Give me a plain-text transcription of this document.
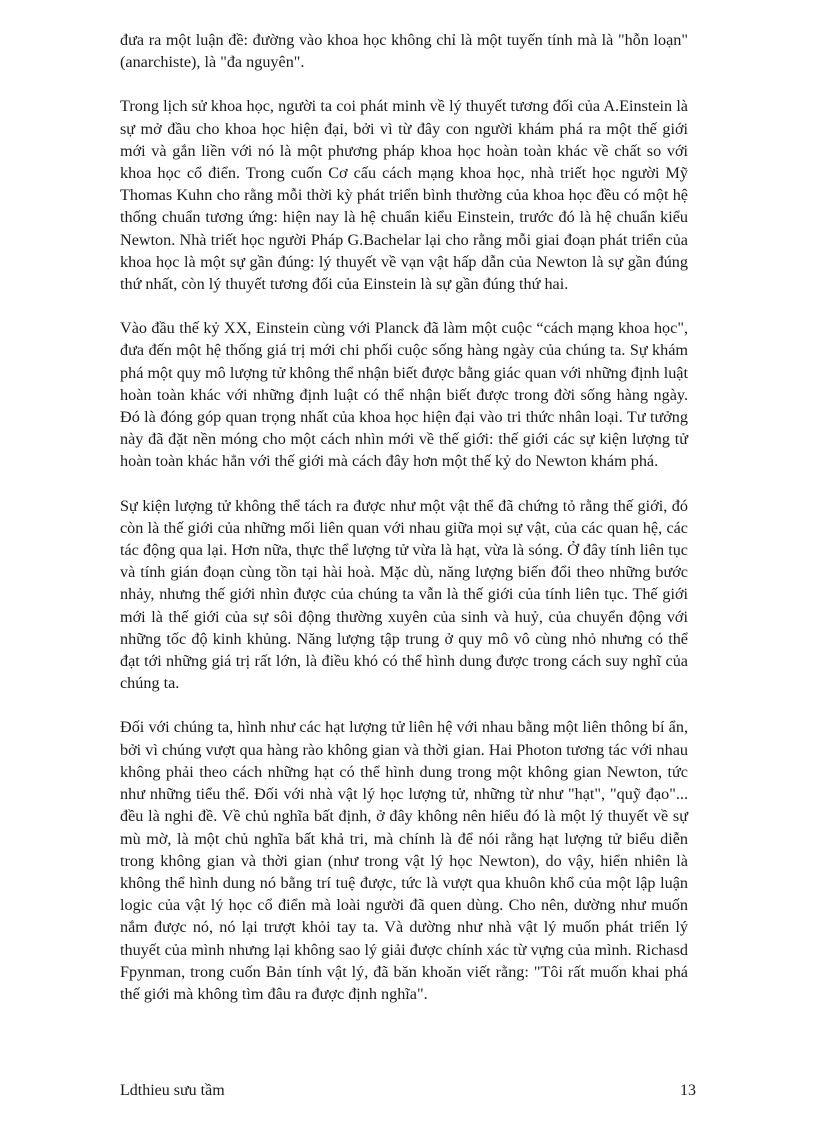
đưa ra một luận đề: đường vào khoa học không chỉ là một tuyến tính mà là "hỗn loạn" (anarchiste), là "đa nguyên".

Trong lịch sử khoa học, người ta coi phát minh về lý thuyết tương đối của A.Einstein là sự mở đầu cho khoa học hiện đại, bởi vì từ đây con người khám phá ra một thế giới mới và gắn liền với nó là một phương pháp khoa học hoàn toàn khác về chất so với khoa học cổ điển. Trong cuốn Cơ cấu cách mạng khoa học, nhà triết học người Mỹ Thomas Kuhn cho rằng mỗi thời kỳ phát triển bình thường của khoa học đều có một hệ thống chuẩn tương ứng: hiện nay là hệ chuẩn kiểu Einstein, trước đó là hệ chuẩn kiểu Newton. Nhà triết học người Pháp G.Bachelar lại cho rằng mỗi giai đoạn phát triển của khoa học là một sự gần đúng: lý thuyết về vạn vật hấp dẫn của Newton là sự gần đúng thứ nhất, còn lý thuyết tương đối của Einstein là sự gần đúng thứ hai.

Vào đầu thế kỷ XX, Einstein cùng với Planck đã làm một cuộc “cách mạng khoa học", đưa đến một hệ thống giá trị mới chi phối cuộc sống hàng ngày của chúng ta. Sự khám phá một quy mô lượng tử không thể nhận biết được bằng giác quan với những định luật hoàn toàn khác với những định luật có thể nhận biết được trong đời sống hàng ngày. Đó là đóng góp quan trọng nhất của khoa học hiện đại vào tri thức nhân loại. Tư tưởng này đã đặt nền móng cho một cách nhìn mới về thế giới: thế giới các sự kiện lượng tử hoàn toàn khác hẳn với thế giới mà cách đây hơn một thế kỷ do Newton khám phá.

Sự kiện lượng tử không thể tách ra được như một vật thể đã chứng tỏ rằng thế giới, đó còn là thế giới của những mối liên quan với nhau giữa mọi sự vật, của các quan hệ, các tác động qua lại. Hơn nữa, thực thể lượng tử vừa là hạt, vừa là sóng. Ở đây tính liên tục và tính gián đoạn cùng tồn tại hài hoà. Mặc dù, năng lượng biến đổi theo những bước nhảy, nhưng thế giới nhìn được của chúng ta vẫn là thế giới của tính liên tục. Thế giới mới là thế giới của sự sôi động thường xuyên của sinh và huỷ, của chuyển động với những tốc độ kinh khủng. Năng lượng tập trung ở quy mô vô cùng nhỏ nhưng có thể đạt tới những giá trị rất lớn, là điều khó có thể hình dung được trong cách suy nghĩ của chúng ta.

Đối với chúng ta, hình như các hạt lượng tử liên hệ với nhau bằng một liên thông bí ẩn, bởi vì chúng vượt qua hàng rào không gian và thời gian. Hai Photon tương tác với nhau không phải theo cách những hạt có thể hình dung trong một không gian Newton, tức như những tiểu thể. Đối với nhà vật lý học lượng tử, những từ như "hạt", "quỹ đạo"... đều là nghi đề. Về chủ nghĩa bất định, ở đây không nên hiểu đó là một lý thuyết về sự mù mờ, là một chủ nghĩa bất khả tri, mà chính là để nói rằng hạt lượng tử biểu diễn trong không gian và thời gian (như trong vật lý học Newton), do vậy, hiển nhiên là không thể hình dung nó bằng trí tuệ được, tức là vượt qua khuôn khổ của một lập luận logic của vật lý học cổ điển mà loài người đã quen dùng. Cho nên, dường như muốn nắm được nó, nó lại trượt khỏi tay ta. Và dường như nhà vật lý muốn phát triển lý thuyết của mình nhưng lại không sao lý giải được chính xác từ vựng của mình. Richasd Fpynman, trong cuốn Bản tính vật lý, đã băn khoăn viết rằng: "Tôi rất muốn khai phá thế giới mà không tìm đâu ra được định nghĩa".

Ldthieu sưu tầm	13
